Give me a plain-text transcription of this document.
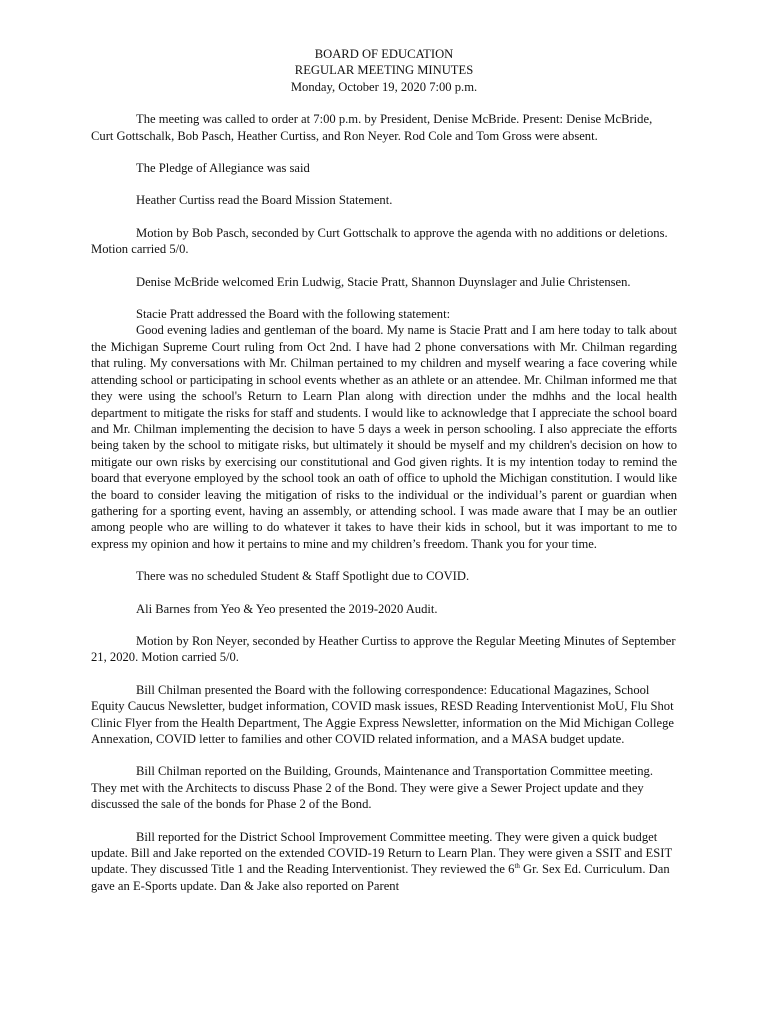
BOARD OF EDUCATION
REGULAR MEETING MINUTES
Monday, October 19, 2020 7:00 p.m.

The meeting was called to order at 7:00 p.m. by President, Denise McBride. Present: Denise McBride, Curt Gottschalk, Bob Pasch, Heather Curtiss, and Ron Neyer. Rod Cole and Tom Gross were absent.

The Pledge of Allegiance was said

Heather Curtiss read the Board Mission Statement.

Motion by Bob Pasch, seconded by Curt Gottschalk to approve the agenda with no additions or deletions. Motion carried 5/0.

Denise McBride welcomed Erin Ludwig, Stacie Pratt, Shannon Duynslager and Julie Christensen.

Stacie Pratt addressed the Board with the following statement:

Good evening ladies and gentleman of the board. My name is Stacie Pratt and I am here today to talk about the Michigan Supreme Court ruling from Oct 2nd. I have had 2 phone conversations with Mr. Chilman regarding that ruling. My conversations with Mr. Chilman pertained to my children and myself wearing a face covering while attending school or participating in school events whether as an athlete or an attendee. Mr. Chilman informed me that they were using the school's Return to Learn Plan along with direction under the mdhhs and the local health department to mitigate the risks for staff and students. I would like to acknowledge that I appreciate the school board and Mr. Chilman implementing the decision to have 5 days a week in person schooling. I also appreciate the efforts being taken by the school to mitigate risks, but ultimately it should be myself and my children's decision on how to mitigate our own risks by exercising our constitutional and God given rights. It is my intention today to remind the board that everyone employed by the school took an oath of office to uphold the Michigan constitution. I would like the board to consider leaving the mitigation of risks to the individual or the individual’s parent or guardian when gathering for a sporting event, having an assembly, or attending school. I was made aware that I may be an outlier among people who are willing to do whatever it takes to have their kids in school, but it was important to me to express my opinion and how it pertains to mine and my children’s freedom. Thank you for your time.

There was no scheduled Student & Staff Spotlight due to COVID.

Ali Barnes from Yeo & Yeo presented the 2019-2020 Audit.

Motion by Ron Neyer, seconded by Heather Curtiss to approve the Regular Meeting Minutes of September 21, 2020. Motion carried 5/0.

Bill Chilman presented the Board with the following correspondence: Educational Magazines, School Equity Caucus Newsletter, budget information, COVID mask issues, RESD Reading Interventionist MoU, Flu Shot Clinic Flyer from the Health Department, The Aggie Express Newsletter, information on the Mid Michigan College Annexation, COVID letter to families and other COVID related information, and a MASA budget update.

Bill Chilman reported on the Building, Grounds, Maintenance and Transportation Committee meeting. They met with the Architects to discuss Phase 2 of the Bond. They were give a Sewer Project update and they discussed the sale of the bonds for Phase 2 of the Bond.

Bill reported for the District School Improvement Committee meeting. They were given a quick budget update. Bill and Jake reported on the extended COVID-19 Return to Learn Plan. They were given a SSIT and ESIT update. They discussed Title 1 and the Reading Interventionist. They reviewed the 6th Gr. Sex Ed. Curriculum. Dan gave an E-Sports update. Dan & Jake also reported on Parent
